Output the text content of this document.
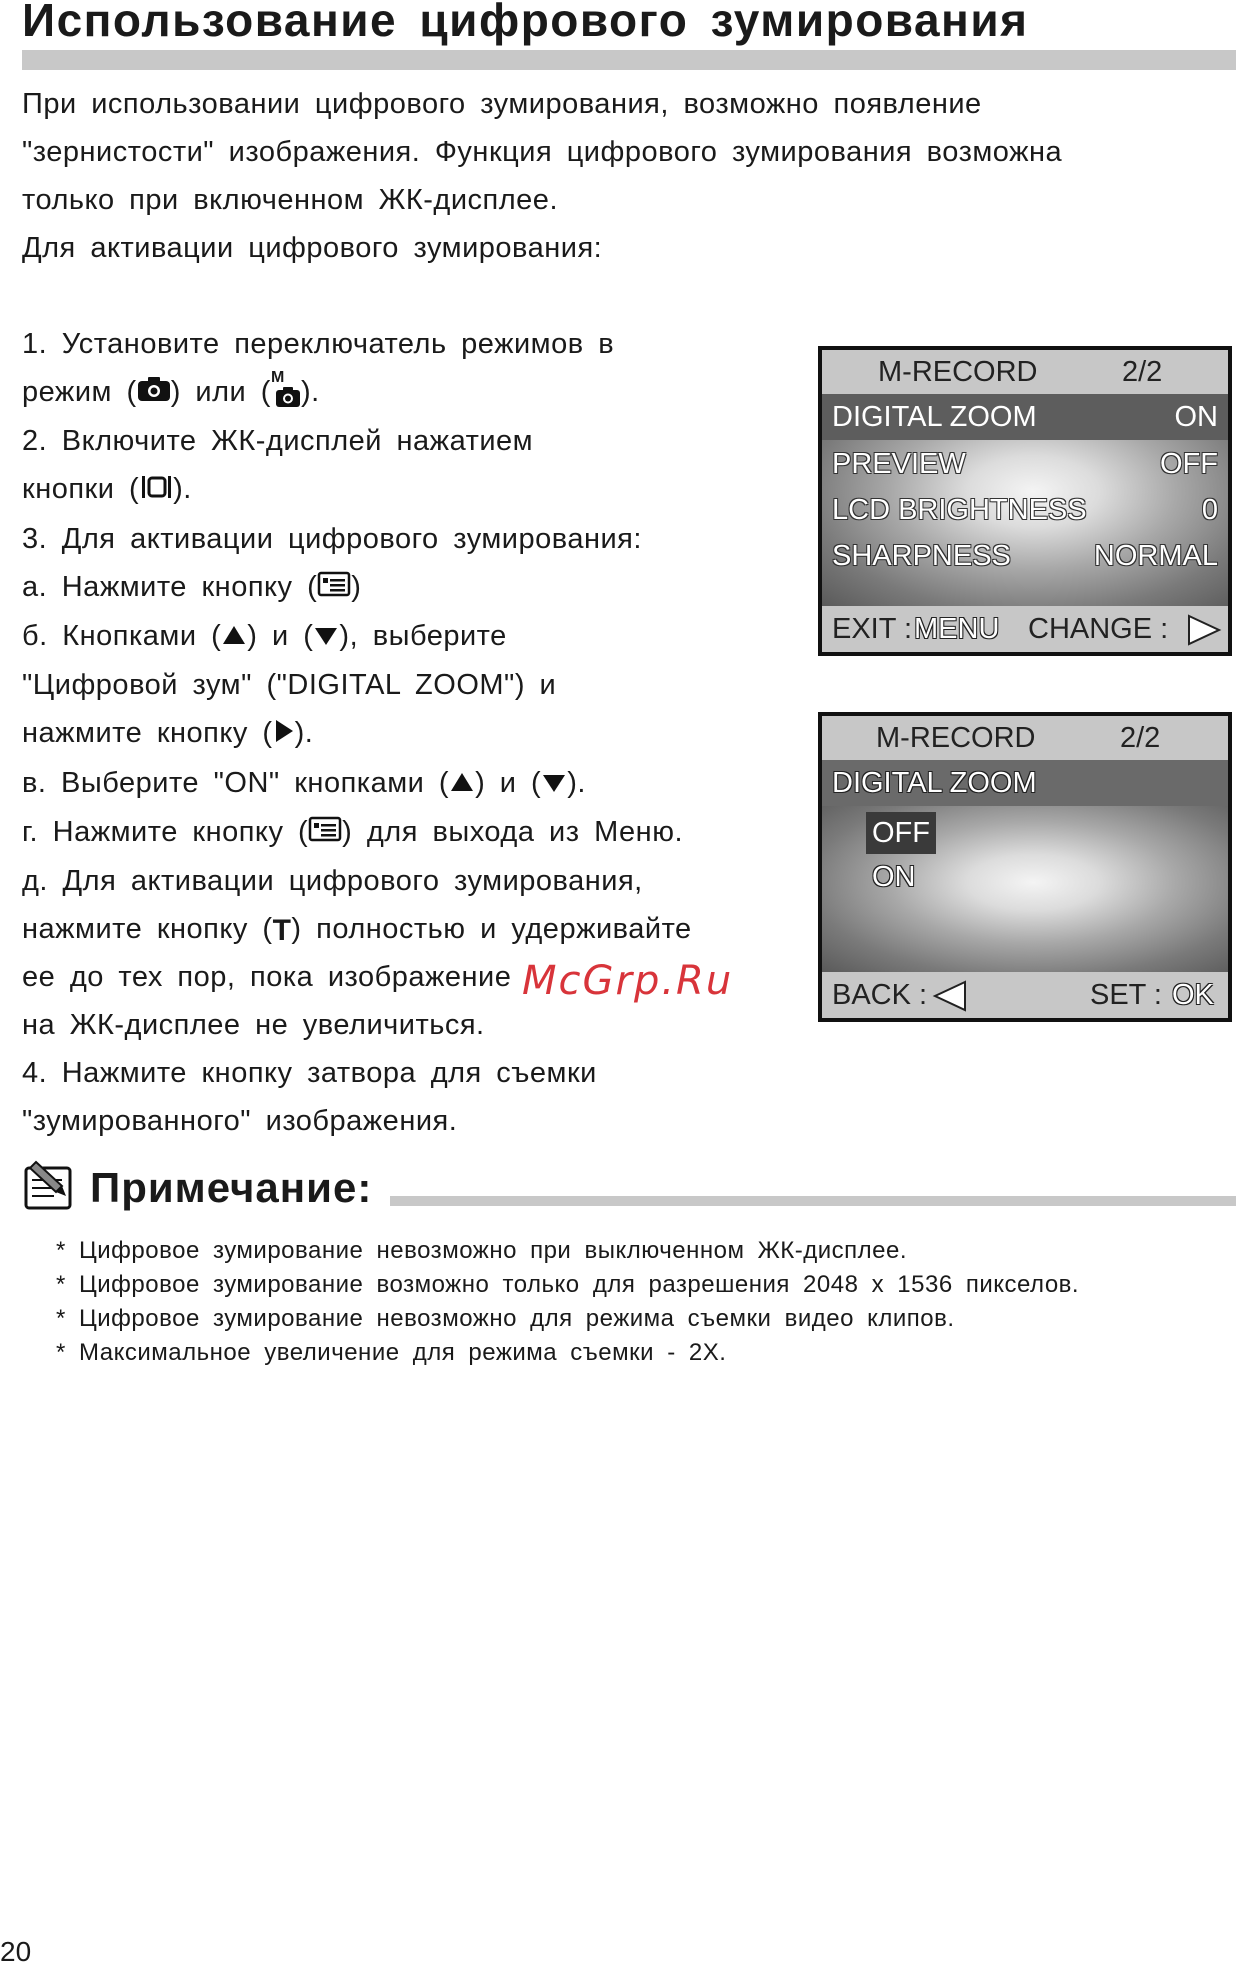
Использование цифрового зумирования
При использовании цифрового зумирования, возможно появление
"зернистости" изображения. Функция цифрового зумирования возможна
только при включенном ЖК-дисплее.
Для активации цифрового зумирования:
1. Установите переключатель режимов в
режим ( ) или ( M ).
2. Включите ЖК-дисплей нажатием
кнопки ( ).
3. Для активации цифрового зумирования:
а. Нажмите кнопку ( )
б. Кнопками ( ) и ( ), выберите
"Цифровой зум" ("DIGITAL ZOOM") и
нажмите кнопку ( ).
в. Выберите "ON" кнопками ( ) и ( ).
г. Нажмите кнопку ( ) для выхода из Меню.
д. Для активации цифрового зумирования,
нажмите кнопку (T) полностью и удерживайте
ее до тех пор, пока изображение
на ЖК-дисплее не увеличиться.
4. Нажмите кнопку затвора для съемки
"зумированного" изображения.
M-RECORD	2/2
DIGITAL ZOOM	ON
PREVIEW	OFF
LCD BRIGHTNESS	0
SHARPNESS	NORMAL
EXIT : MENU CHANGE :
M-RECORD	2/2
DIGITAL ZOOM
OFF
ON
BACK :	SET : OK
McGrp.Ru
Примечание:
* Цифровое зумирование невозможно при выключенном ЖК-дисплее.
* Цифровое зумирование возможно только для разрешения 2048 x 1536 пикселов.
* Цифровое зумирование невозможно для режима съемки видео клипов.
* Максимальное увеличение для режима съемки - 2X.
20
